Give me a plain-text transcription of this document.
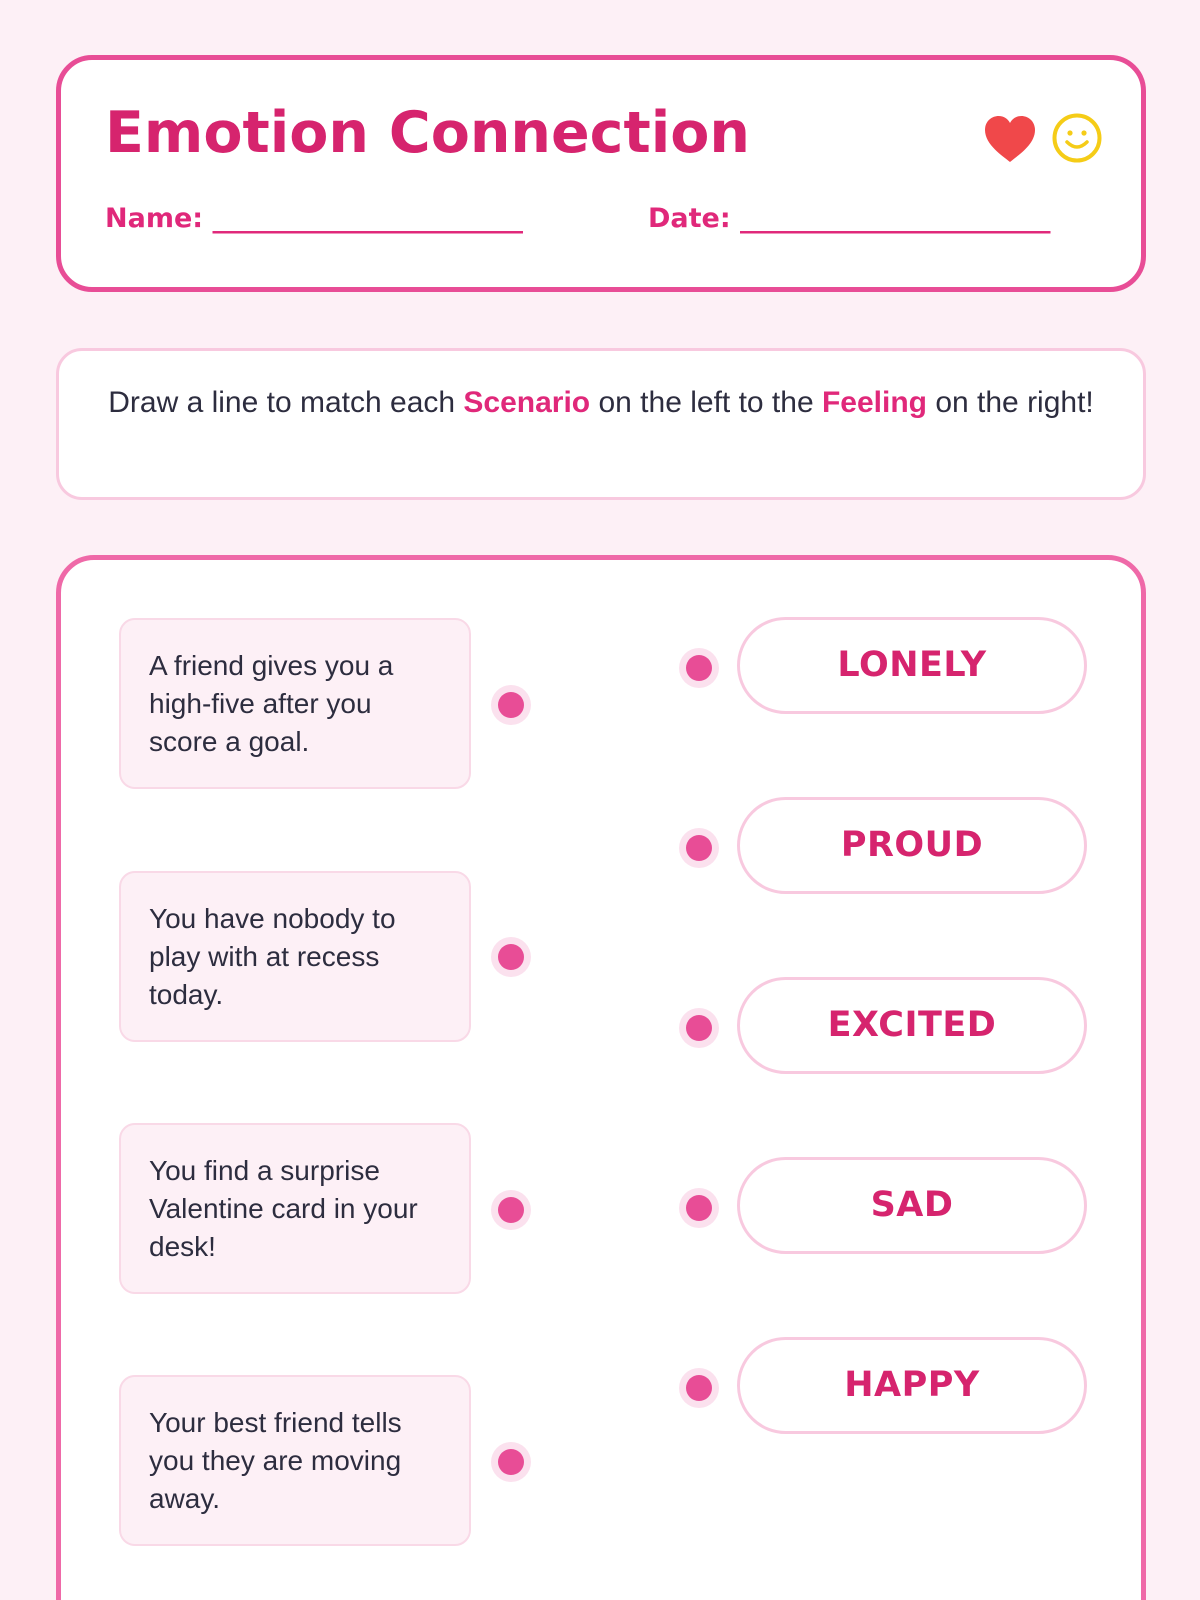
Emotion Connection
Name: _______________________	Date: _______________________
Draw a line to match each Scenario on the left to the Feeling on the right!
A friend gives you a high-five after you score a goal.
You have nobody to play with at recess today.
You find a surprise Valentine card in your desk!
Your best friend tells you they are moving away.
LONELY
PROUD
EXCITED
SAD
HAPPY
